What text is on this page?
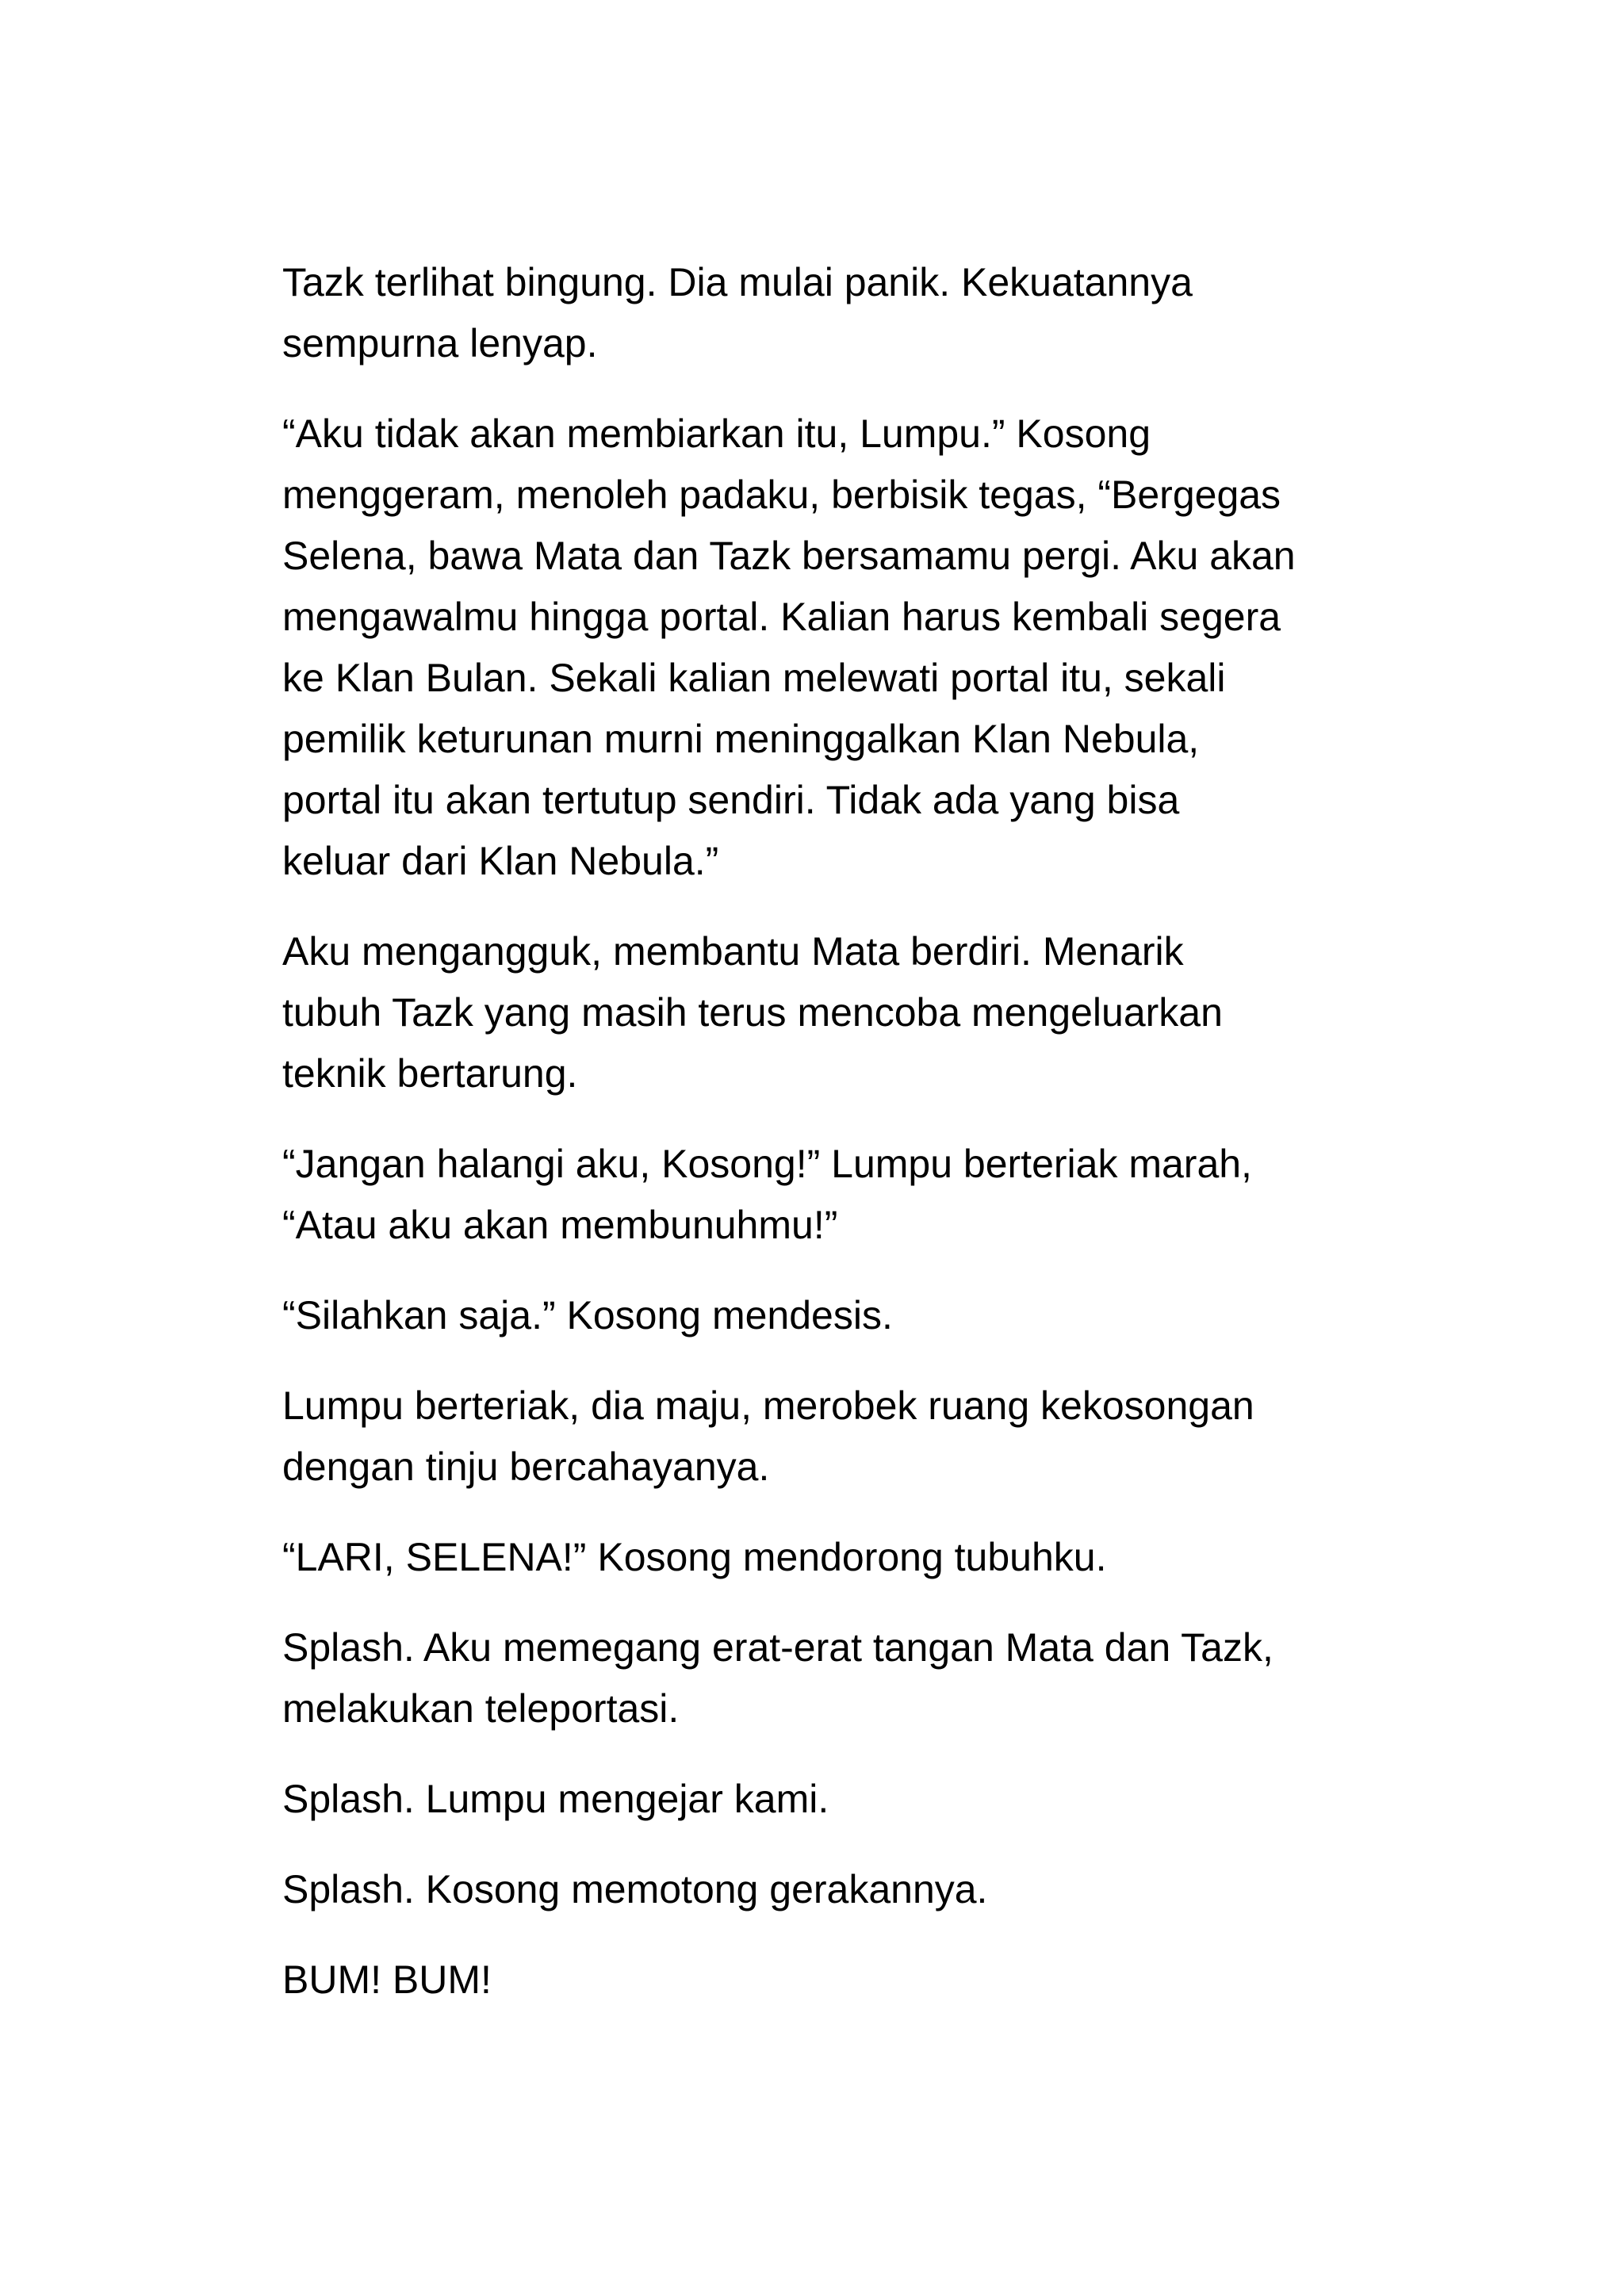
Tazk terlihat bingung. Dia mulai panik. Kekuatannya
sempurna lenyap.

“Aku tidak akan membiarkan itu, Lumpu.” Kosong
menggeram, menoleh padaku, berbisik tegas, “Bergegas
Selena, bawa Mata dan Tazk bersamamu pergi. Aku akan
mengawalmu hingga portal. Kalian harus kembali segera
ke Klan Bulan. Sekali kalian melewati portal itu, sekali
pemilik keturunan murni meninggalkan Klan Nebula,
portal itu akan tertutup sendiri. Tidak ada yang bisa
keluar dari Klan Nebula.”

Aku mengangguk, membantu Mata berdiri. Menarik
tubuh Tazk yang masih terus mencoba mengeluarkan
teknik bertarung.

“Jangan halangi aku, Kosong!” Lumpu berteriak marah,
“Atau aku akan membunuhmu!”

“Silahkan saja.” Kosong mendesis.

Lumpu berteriak, dia maju, merobek ruang kekosongan
dengan tinju bercahayanya.

“LARI, SELENA!” Kosong mendorong tubuhku.

Splash. Aku memegang erat-erat tangan Mata dan Tazk,
melakukan teleportasi.

Splash. Lumpu mengejar kami.

Splash. Kosong memotong gerakannya.

BUM! BUM!
